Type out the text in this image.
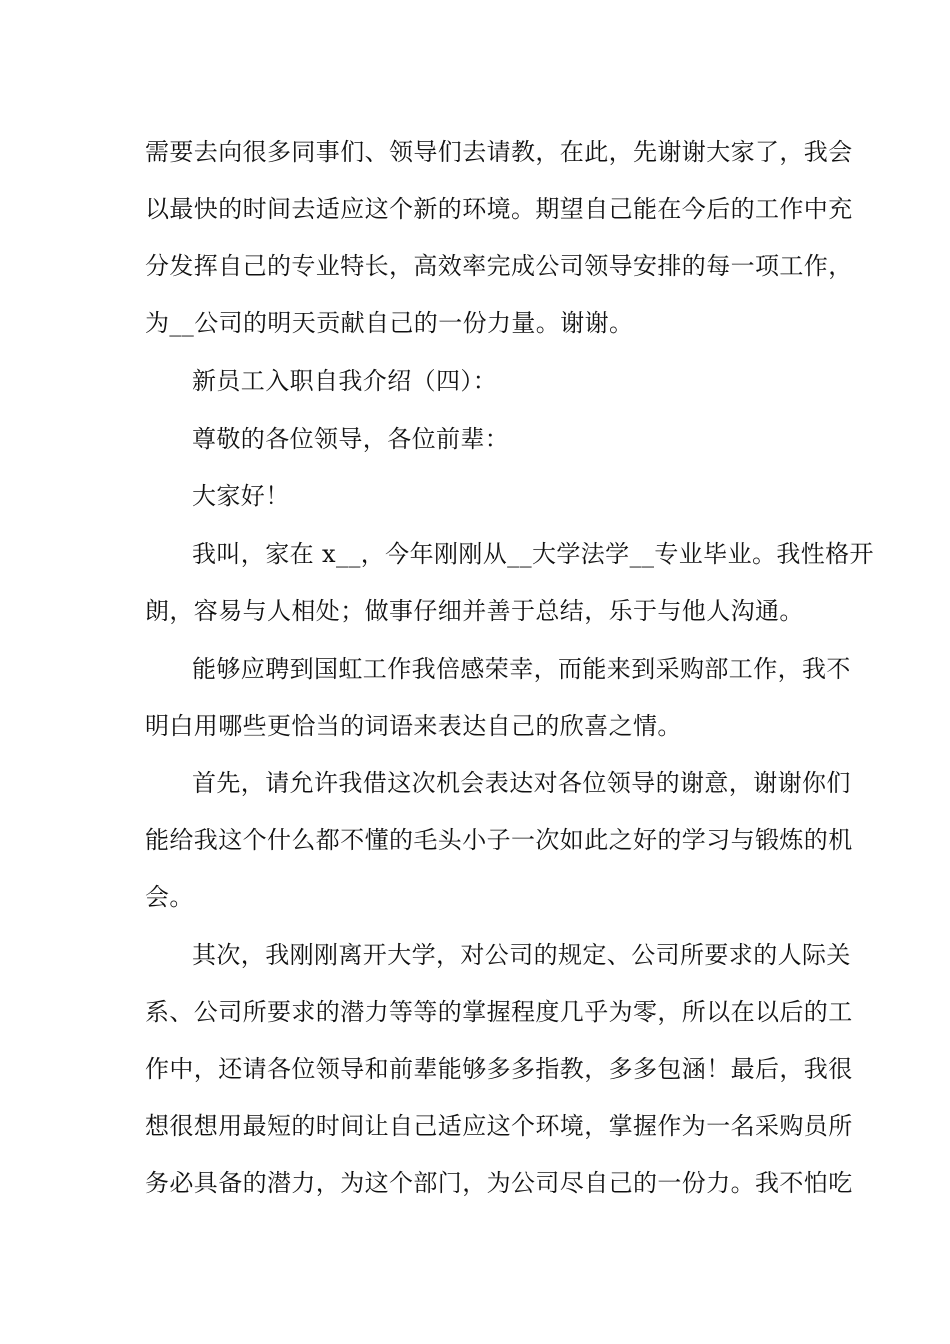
需要去向很多同事们、领导们去请教，在此，先谢谢大家了，我会
以最快的时间去适应这个新的环境。期望自己能在今后的工作中充
分发挥自己的专业特长，高效率完成公司领导安排的每一项工作，
为__公司的明天贡献自己的一份力量。谢谢。
新员工入职自我介绍（四）：
尊敬的各位领导，各位前辈：
大家好！
我叫，家在 x__，今年刚刚从__大学法学__专业毕业。我性格开
朗，容易与人相处；做事仔细并善于总结，乐于与他人沟通。
能够应聘到国虹工作我倍感荣幸，而能来到采购部工作，我不
明白用哪些更恰当的词语来表达自己的欣喜之情。
首先，请允许我借这次机会表达对各位领导的谢意，谢谢你们
能给我这个什么都不懂的毛头小子一次如此之好的学习与锻炼的机
会。
其次，我刚刚离开大学，对公司的规定、公司所要求的人际关
系、公司所要求的潜力等等的掌握程度几乎为零，所以在以后的工
作中，还请各位领导和前辈能够多多指教，多多包涵！最后，我很
想很想用最短的时间让自己适应这个环境，掌握作为一名采购员所
务必具备的潜力，为这个部门，为公司尽自己的一份力。我不怕吃
